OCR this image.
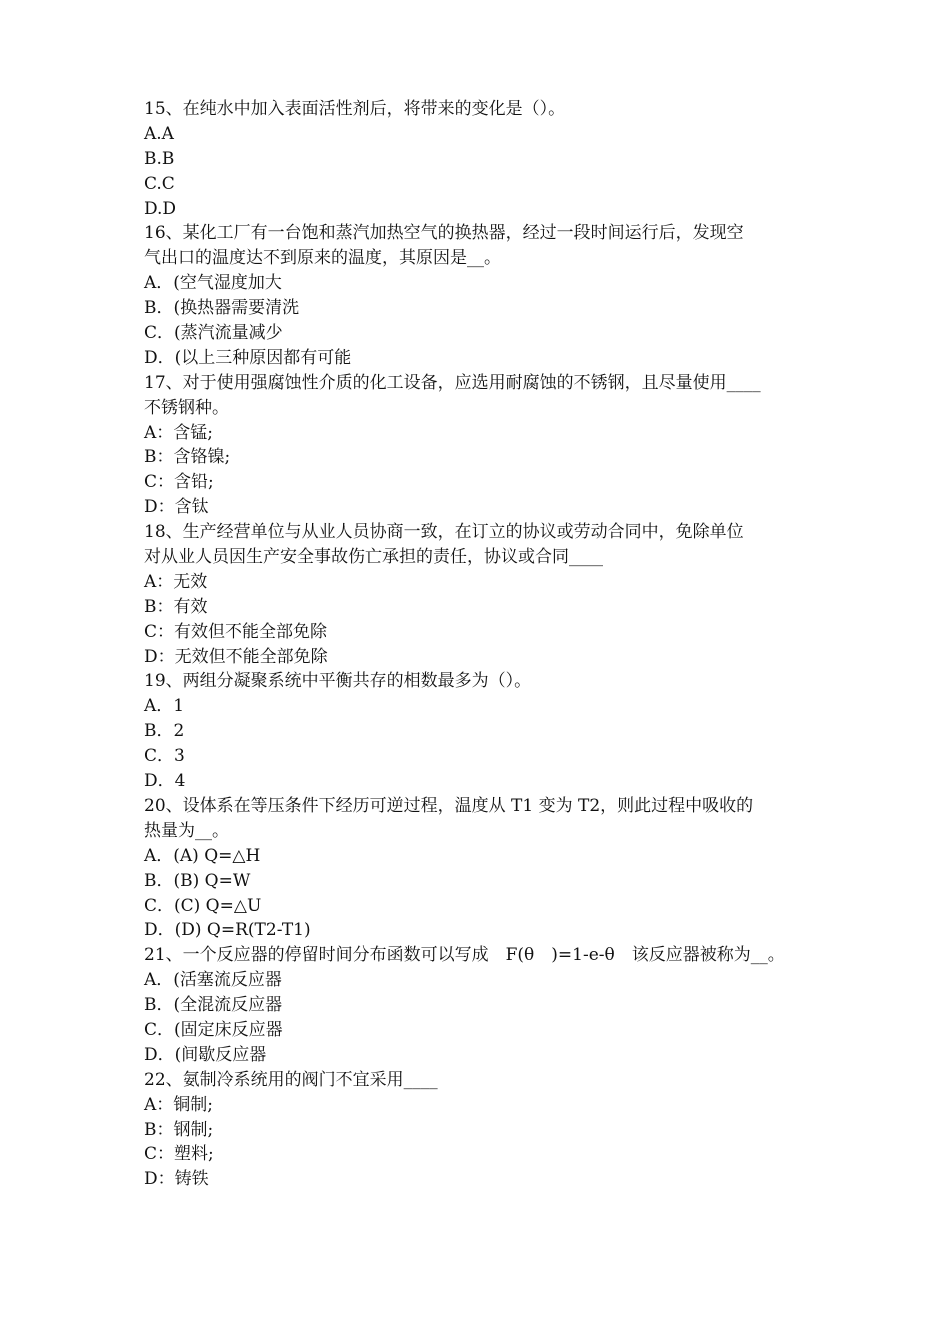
15、在纯水中加入表面活性剂后，将带来的变化是（）。
A.A
B.B
C.C
D.D
16、某化工厂有一台饱和蒸汽加热空气的换热器，经过一段时间运行后，发现空
气出口的温度达不到原来的温度，其原因是__。
A．(空气湿度加大
B．(换热器需要清洗
C．(蒸汽流量减少
D．(以上三种原因都有可能
17、对于使用强腐蚀性介质的化工设备，应选用耐腐蚀的不锈钢，且尽量使用____
不锈钢种。
A：含锰;
B：含铬镍;
C：含铅;
D：含钛
18、生产经营单位与从业人员协商一致，在订立的协议或劳动合同中，免除单位
对从业人员因生产安全事故伤亡承担的责任，协议或合同____
A：无效
B：有效
C：有效但不能全部免除
D：无效但不能全部免除
19、两组分凝聚系统中平衡共存的相数最多为（）。
A．1
B．2
C．3
D．4
20、设体系在等压条件下经历可逆过程，温度从 T1 变为 T2，则此过程中吸收的
热量为__。
A．(A) Q=△H
B．(B) Q=W
C．(C) Q=△U
D．(D) Q=R(T2-T1)
21、一个反应器的停留时间分布函数可以写成　F(θ　)=1-e-θ　该反应器被称为__。
A．(活塞流反应器
B．(全混流反应器
C．(固定床反应器
D．(间歇反应器
22、氨制冷系统用的阀门不宜采用____
A：铜制;
B：钢制;
C：塑料;
D：铸铁
